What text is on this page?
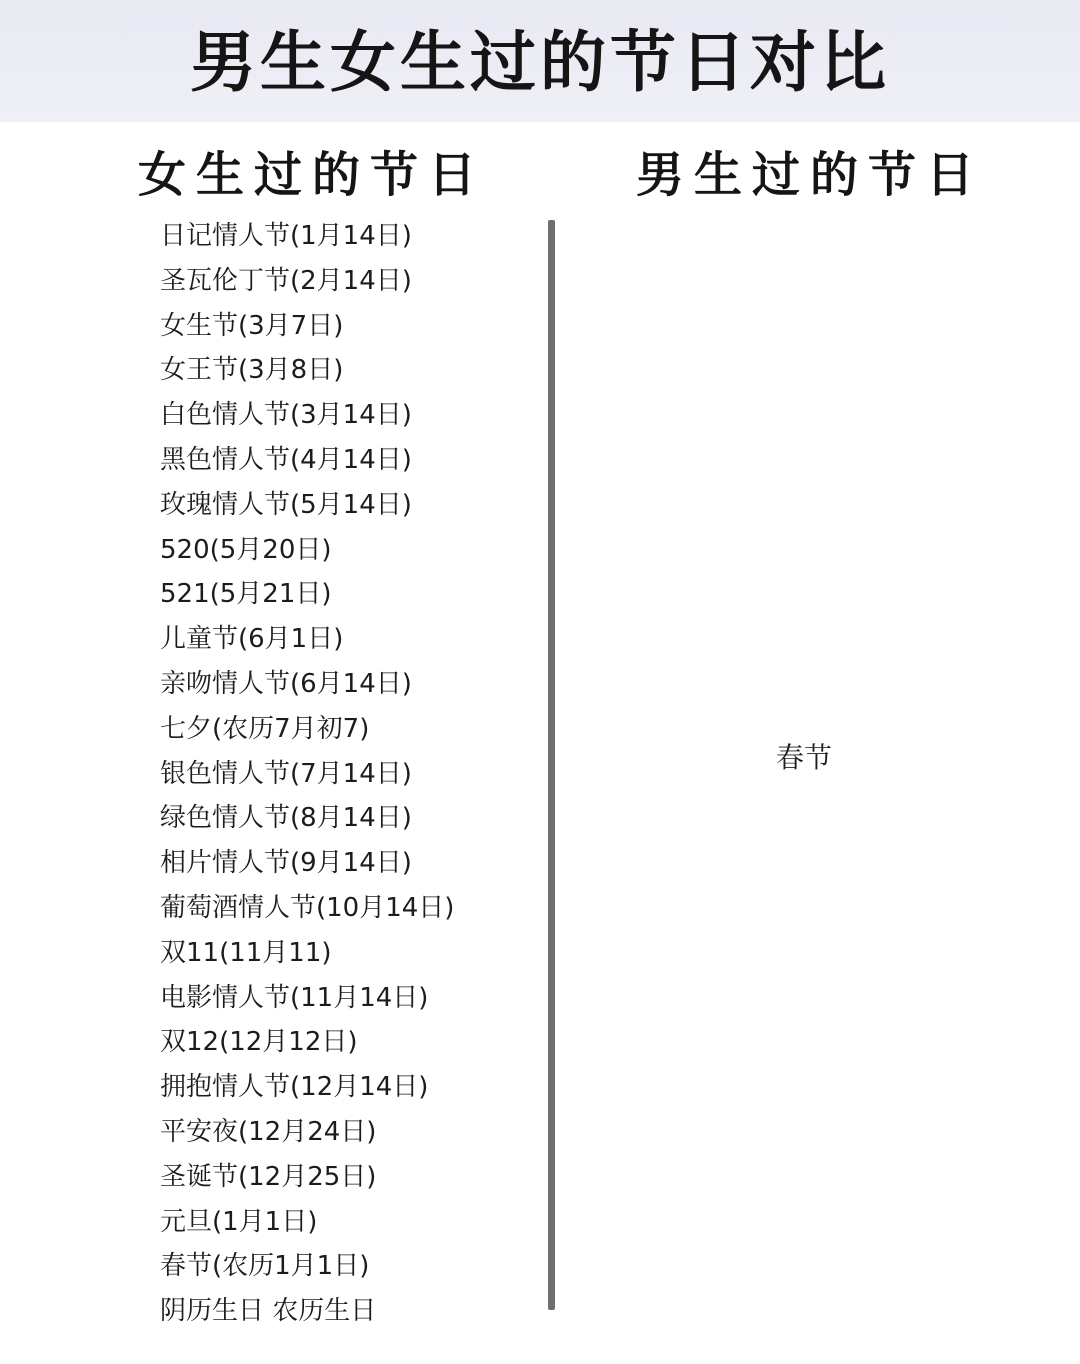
男生女生过的节日对比
女生过的节日	男生过的节日
日记情人节(1月14日)
圣瓦伦丁节(2月14日)
女生节(3月7日)
女王节(3月8日)
白色情人节(3月14日)
黑色情人节(4月14日)
玫瑰情人节(5月14日)
520(5月20日)
521(5月21日)
儿童节(6月1日)
亲吻情人节(6月14日)
七夕(农历7月初7)
银色情人节(7月14日)
绿色情人节(8月14日)
相片情人节(9月14日)
葡萄酒情人节(10月14日)
双11(11月11)
电影情人节(11月14日)
双12(12月12日)
拥抱情人节(12月14日)
平安夜(12月24日)
圣诞节(12月25日)
元旦(1月1日)
春节(农历1月1日)
阴历生日 农历生日
春节
